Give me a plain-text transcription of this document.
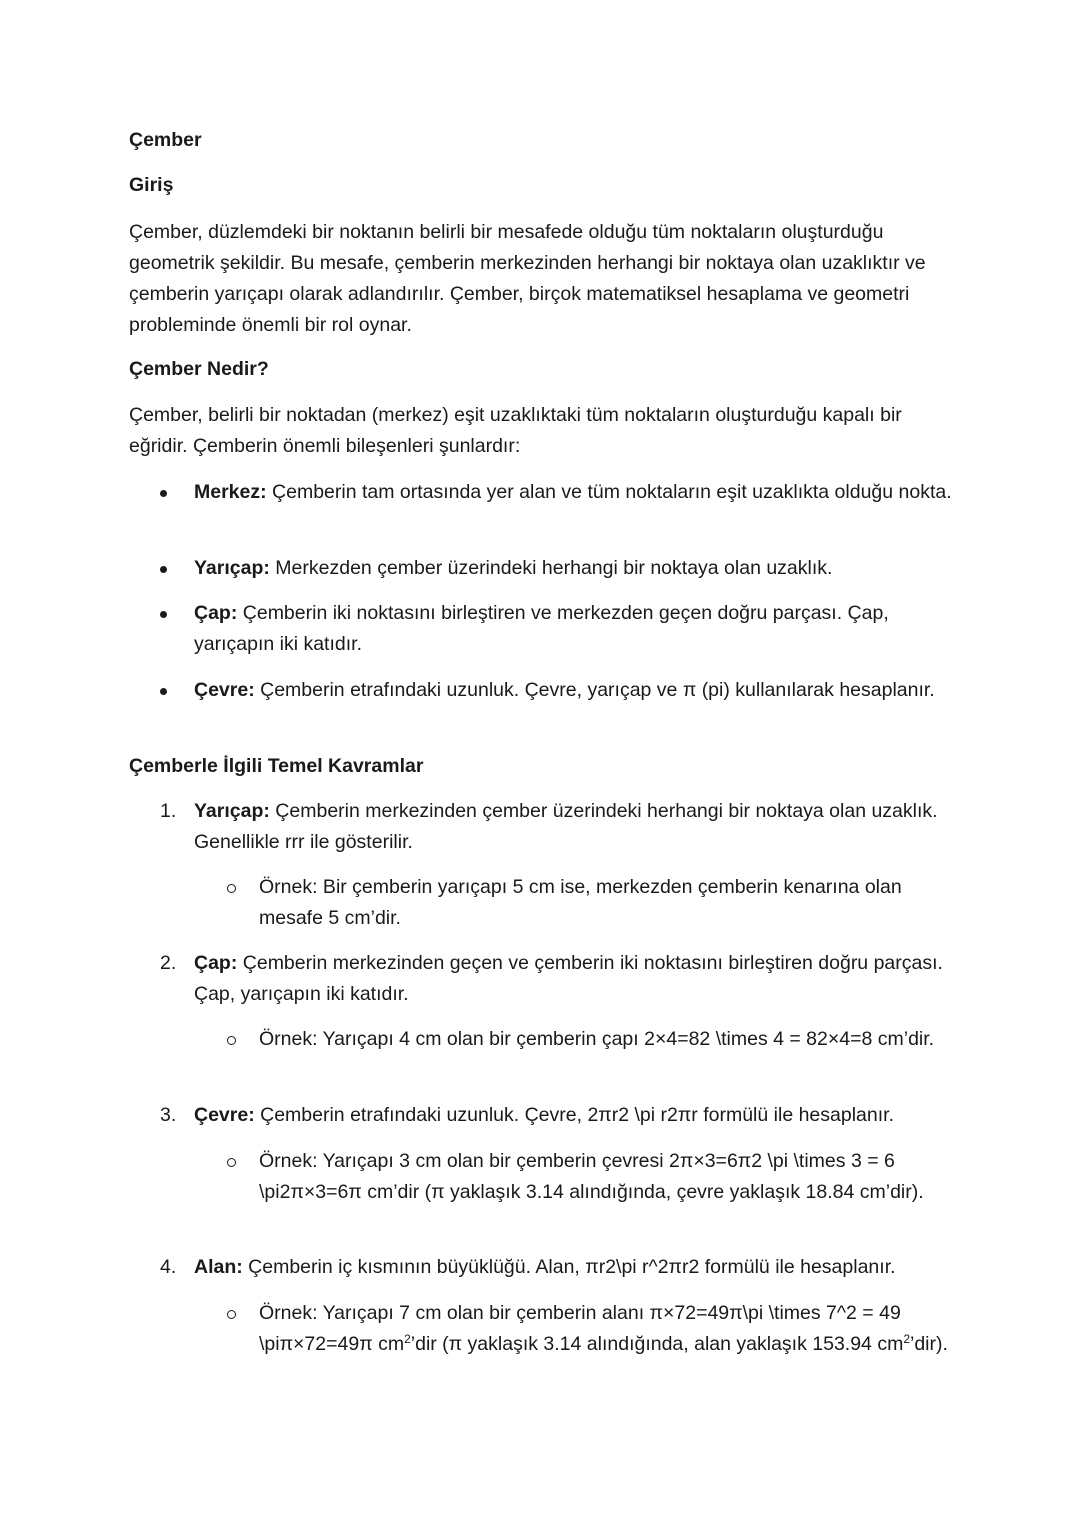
Çember

Giriş

Çember, düzlemdeki bir noktanın belirli bir mesafede olduğu tüm noktaların oluşturduğu geometrik şekildir. Bu mesafe, çemberin merkezinden herhangi bir noktaya olan uzaklıktır ve çemberin yarıçapı olarak adlandırılır. Çember, birçok matematiksel hesaplama ve geometri probleminde önemli bir rol oynar.

Çember Nedir?

Çember, belirli bir noktadan (merkez) eşit uzaklıktaki tüm noktaların oluşturduğu kapalı bir eğridir. Çemberin önemli bileşenleri şunlardır:

Merkez: Çemberin tam ortasında yer alan ve tüm noktaların eşit uzaklıkta olduğu nokta.
Yarıçap: Merkezden çember üzerindeki herhangi bir noktaya olan uzaklık.
Çap: Çemberin iki noktasını birleştiren ve merkezden geçen doğru parçası. Çap, yarıçapın iki katıdır.
Çevre: Çemberin etrafındaki uzunluk. Çevre, yarıçap ve π (pi) kullanılarak hesaplanır.

Çemberle İlgili Temel Kavramlar

1. Yarıçap: Çemberin merkezinden çember üzerindeki herhangi bir noktaya olan uzaklık. Genellikle rrr ile gösterilir.
Örnek: Bir çemberin yarıçapı 5 cm ise, merkezden çemberin kenarına olan mesafe 5 cm’dir.
2. Çap: Çemberin merkezinden geçen ve çemberin iki noktasını birleştiren doğru parçası. Çap, yarıçapın iki katıdır.
Örnek: Yarıçapı 4 cm olan bir çemberin çapı 2×4=82 \times 4 = 82×4=8 cm’dir.
3. Çevre: Çemberin etrafındaki uzunluk. Çevre, 2πr2 \pi r2πr formülü ile hesaplanır.
Örnek: Yarıçapı 3 cm olan bir çemberin çevresi 2π×3=6π2 \pi \times 3 = 6 \pi2π×3=6π cm’dir (π yaklaşık 3.14 alındığında, çevre yaklaşık 18.84 cm’dir).
4. Alan: Çemberin iç kısmının büyüklüğü. Alan, πr2\pi r^2πr2 formülü ile hesaplanır.
Örnek: Yarıçapı 7 cm olan bir çemberin alanı π×72=49π\pi \times 7^2 = 49 \piπ×72=49π $cm^2’dir$ (π yaklaşık 3.14 alındığında, alan yaklaşık 153.94 $cm^2’dir$).
